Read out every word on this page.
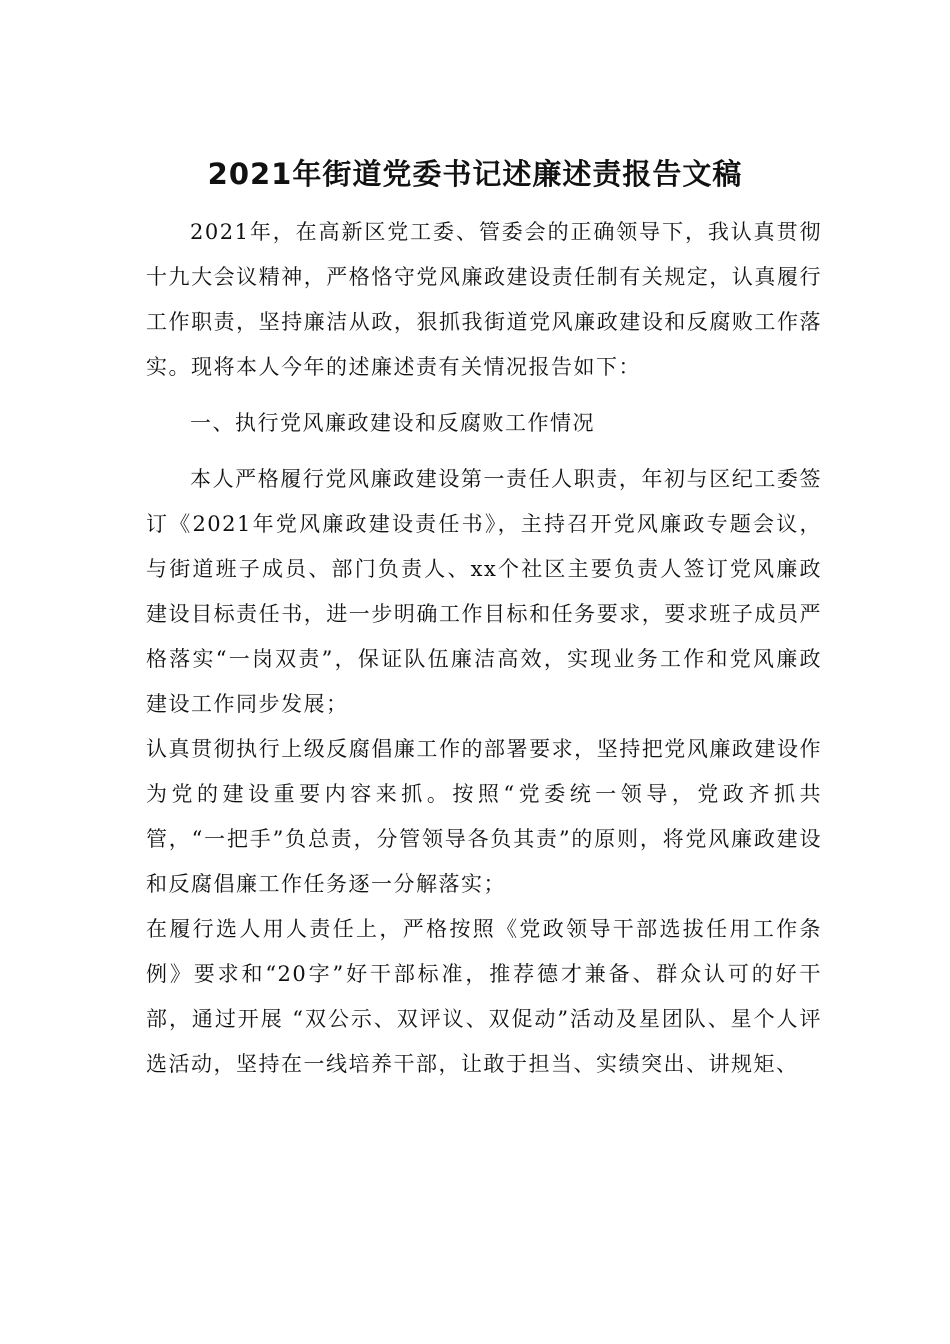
2021年街道党委书记述廉述责报告文稿

2021年，在高新区党工委、管委会的正确领导下，我认真贯彻十九大会议精神，严格恪守党风廉政建设责任制有关规定，认真履行工作职责，坚持廉洁从政，狠抓我街道党风廉政建设和反腐败工作落实。现将本人今年的述廉述责有关情况报告如下：

一、执行党风廉政建设和反腐败工作情况

本人严格履行党风廉政建设第一责任人职责，年初与区纪工委签订《2021年党风廉政建设责任书》，主持召开党风廉政专题会议，与街道班子成员、部门负责人、xx个社区主要负责人签订党风廉政建设目标责任书，进一步明确工作目标和任务要求，要求班子成员严格落实“一岗双责”，保证队伍廉洁高效，实现业务工作和党风廉政建设工作同步发展；

认真贯彻执行上级反腐倡廉工作的部署要求，坚持把党风廉政建设作为党的建设重要内容来抓。按照“党委统一领导，党政齐抓共管，“一把手”负总责，分管领导各负其责”的原则，将党风廉政建设和反腐倡廉工作任务逐一分解落实；

在履行选人用人责任上，严格按照《党政领导干部选拔任用工作条例》要求和“20字”好干部标准，推荐德才兼备、群众认可的好干部，通过开展 “双公示、双评议、双促动”活动及星团队、星个人评选活动，坚持在一线培养干部，让敢于担当、实绩突出、讲规矩、
